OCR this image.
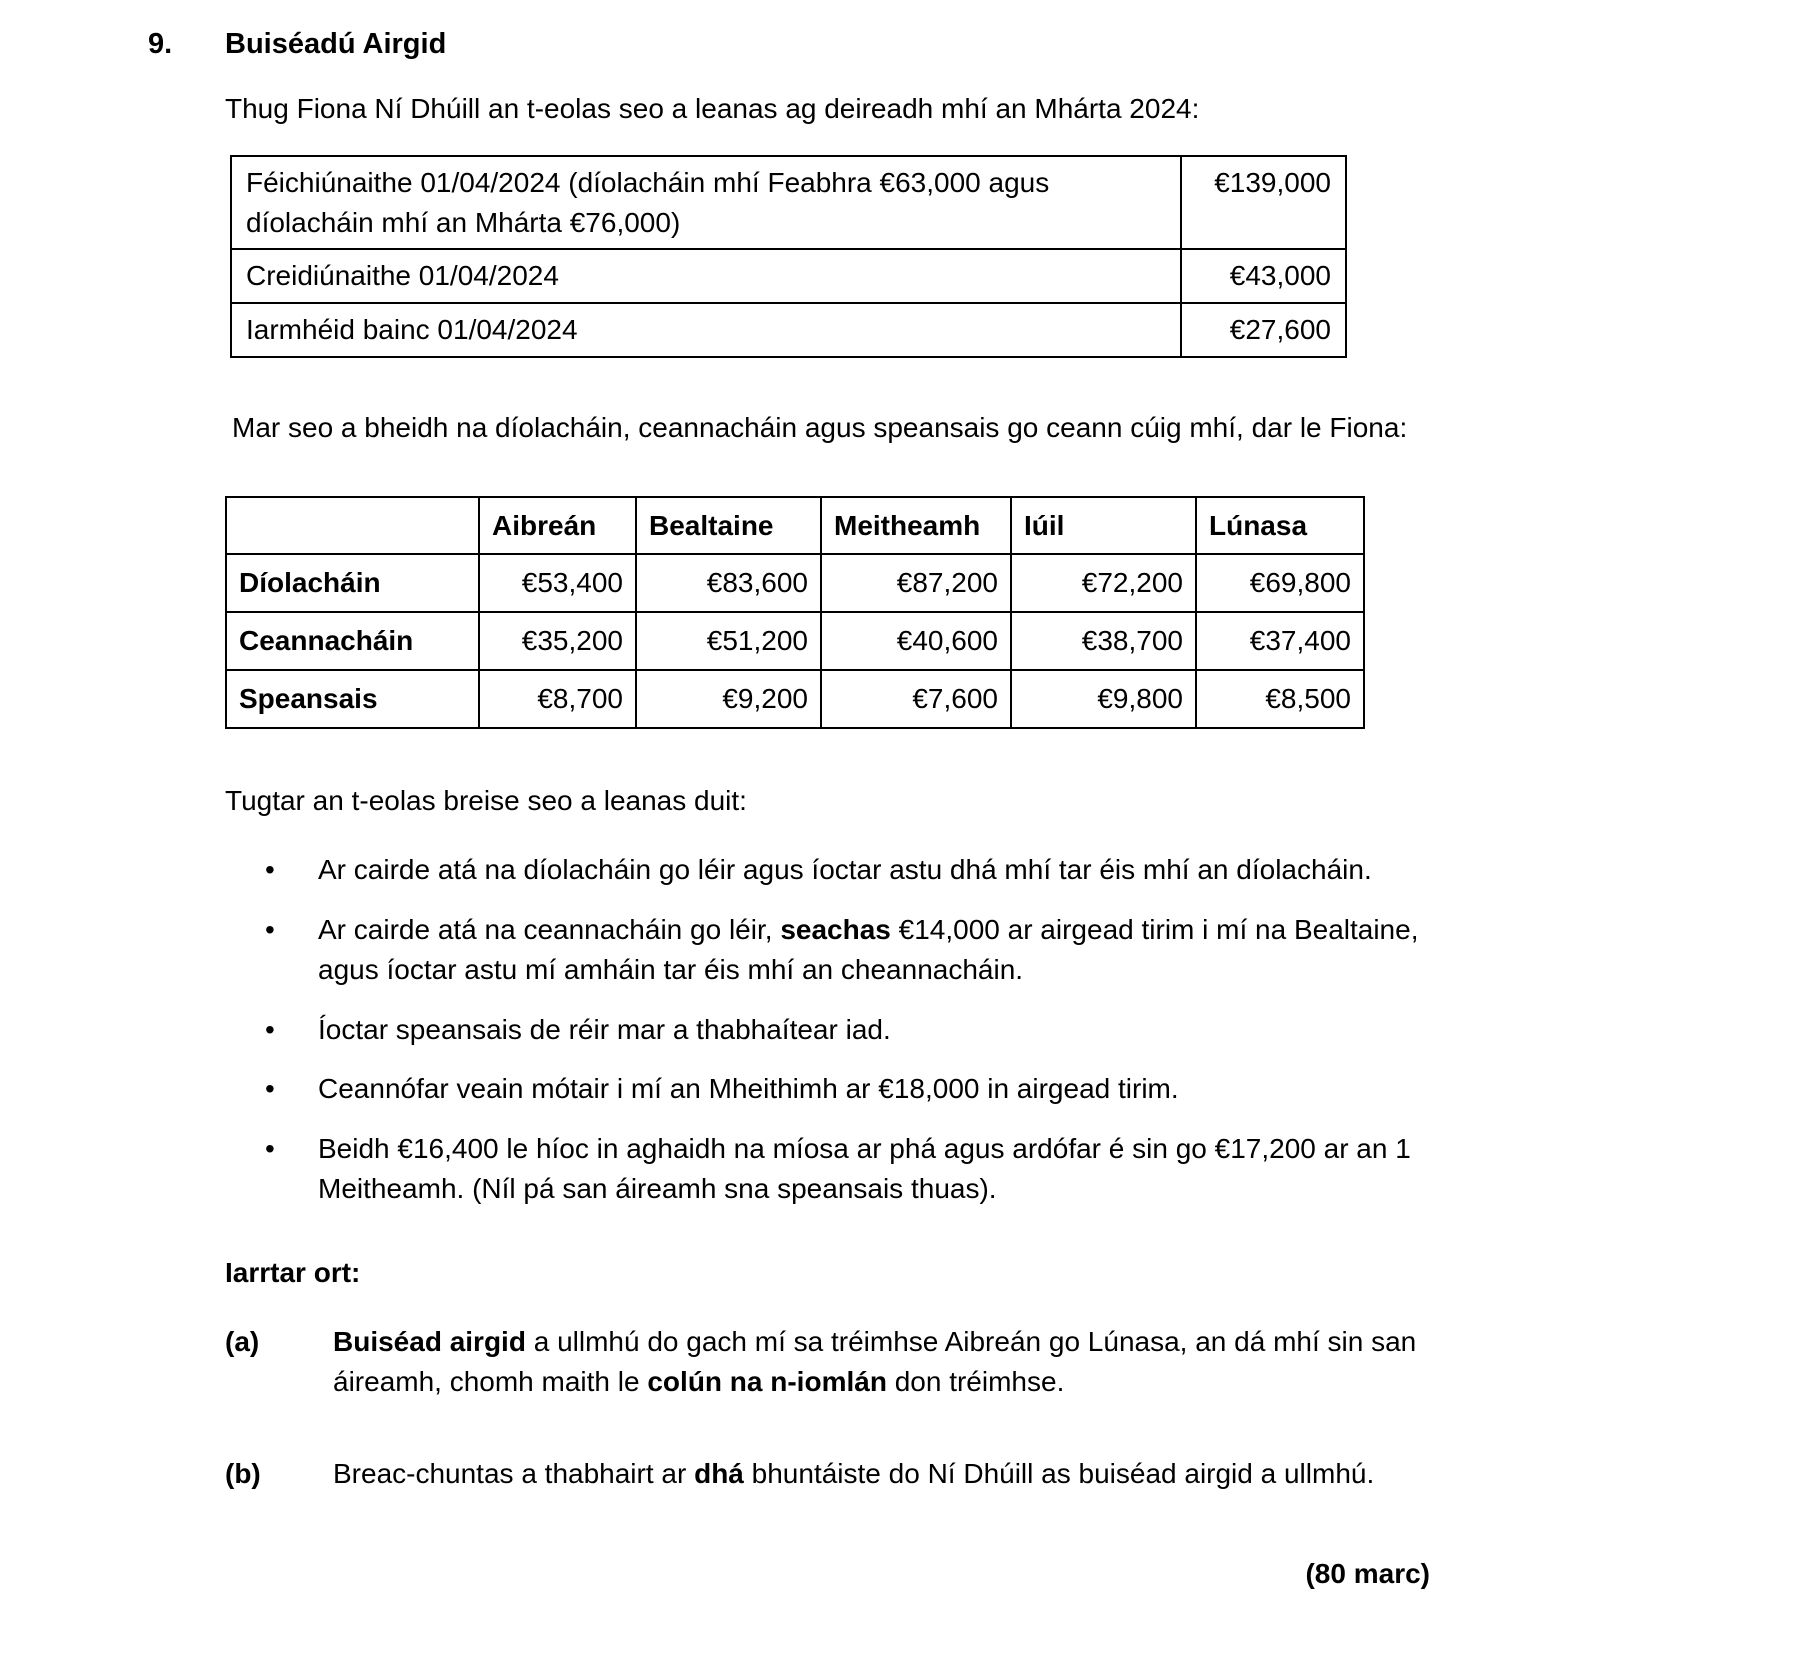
9.	Buiséadú Airgid

Thug Fiona Ní Dhúill an t-eolas seo a leanas ag deireadh mhí an Mhárta 2024:

Féichiúnaithe 01/04/2024 (díolacháin mhí Feabhra €63,000 agus díolacháin mhí an Mhárta €76,000)	€139,000
Creidiúnaithe 01/04/2024	€43,000
Iarmhéid bainc 01/04/2024	€27,600

Mar seo a bheidh na díolacháin, ceannacháin agus speansais go ceann cúig mhí, dar le Fiona:

	Aibreán	Bealtaine	Meitheamh	Iúil	Lúnasa
Díolacháin	€53,400	€83,600	€87,200	€72,200	€69,800
Ceannacháin	€35,200	€51,200	€40,600	€38,700	€37,400
Speansais	€8,700	€9,200	€7,600	€9,800	€8,500

Tugtar an t-eolas breise seo a leanas duit:

•	Ar cairde atá na díolacháin go léir agus íoctar astu dhá mhí tar éis mhí an díolacháin.
•	Ar cairde atá na ceannacháin go léir, seachas €14,000 ar airgead tirim i mí na Bealtaine, agus íoctar astu mí amháin tar éis mhí an cheannacháin.
•	Íoctar speansais de réir mar a thabhaítear iad.
•	Ceannófar veain mótair i mí an Mheithimh ar €18,000 in airgead tirim.
•	Beidh €16,400 le híoc in aghaidh na míosa ar phá agus ardófar é sin go €17,200 ar an 1 Meitheamh. (Níl pá san áireamh sna speansais thuas).

Iarrtar ort:

(a)	Buiséad airgid a ullmhú do gach mí sa tréimhse Aibreán go Lúnasa, an dá mhí sin san áireamh, chomh maith le colún na n-iomlán don tréimhse.
(b)	Breac-chuntas a thabhairt ar dhá bhuntáiste do Ní Dhúill as buiséad airgid a ullmhú.
(80 marc)
